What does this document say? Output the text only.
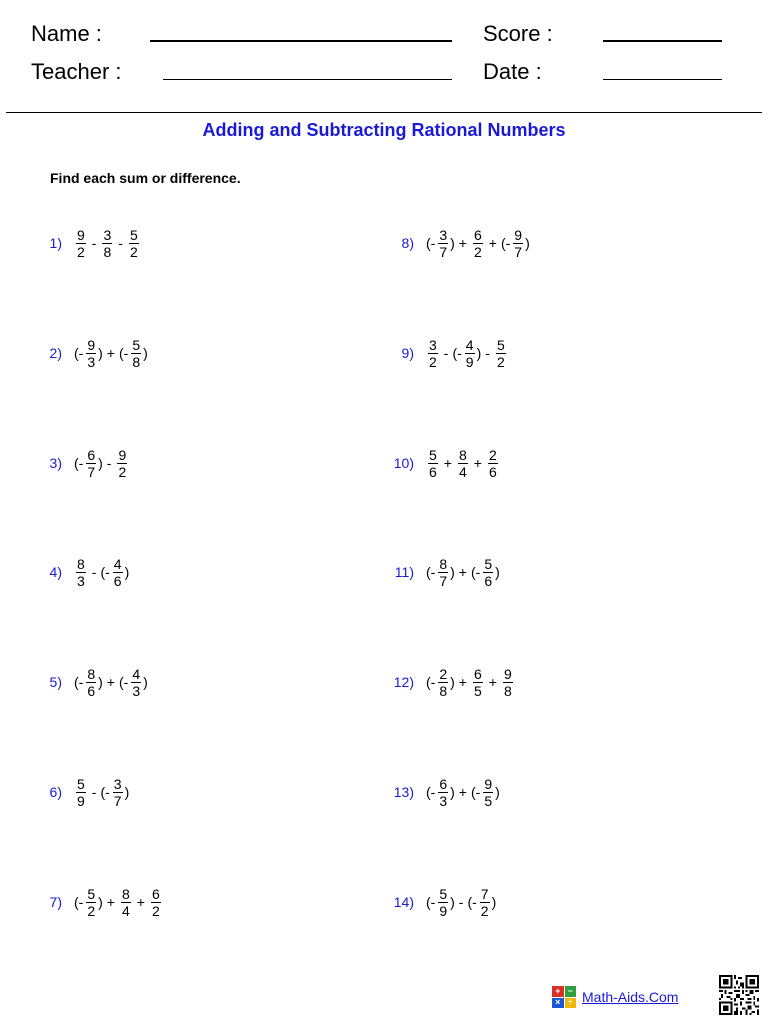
Name :
Teacher :
Score :
Date :
Adding and Subtracting Rational Numbers
Find each sum or difference.
$1) \frac{9}{2} - \frac{3}{8} - \frac{5}{2}$
2) (- $\frac{9}{3}$ ) + (- $\frac{5}{8}$ )
3) (- $\frac{6}{7}$ ) - $\frac{9}{2}$
$4) \frac{8}{3}$ - (- $\frac{4}{6}$ )
5) (- $\frac{8}{6}$ ) + (- $\frac{4}{3}$ )
$6) \frac{5}{9}$ - (- $\frac{3}{7}$ )
7) (- $\frac{5}{2}$ ) + $\frac{8}{4} + \frac{6}{2}$
8) (- $\frac{3}{7}$ ) + $\frac{6}{2}$ + (- $\frac{9}{7}$ )
$9) \frac{3}{2}$ - (- $\frac{4}{9}$ ) - $\frac{5}{2}$
$10) \frac{5}{6} + \frac{8}{4} + \frac{2}{6}$
11) (- $\frac{8}{7}$ ) + (- $\frac{5}{6}$ )
12) (- $\frac{2}{8}$ ) + $\frac{6}{5} + \frac{9}{8}$
13) (- $\frac{6}{3}$ ) + (- $\frac{9}{5}$ )
14) (- $\frac{5}{9}$ ) - (- $\frac{7}{2}$ )
+ −
× ÷ Math-Aids.Com
